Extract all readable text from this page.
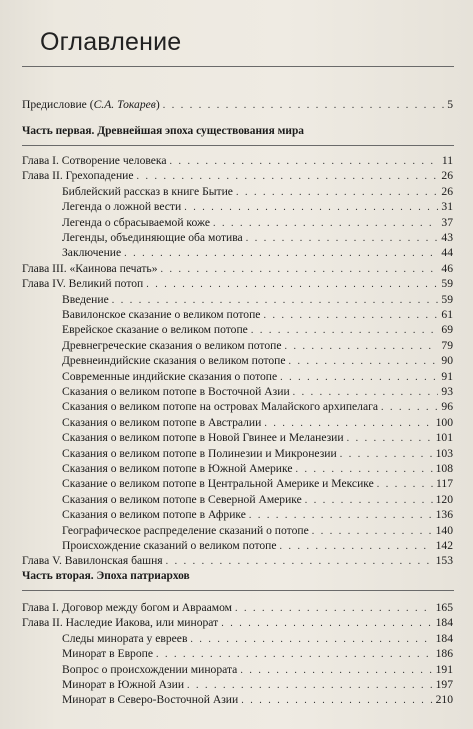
Оглавление
Предисловие (С.А. Токарев) . . .	5
Часть первая. Древнейшая эпоха существования мира
Глава I. Сотворение человека . . .	11
Глава II. Грехопадение . . .	26
Библейский рассказ в книге Бытие . . .	26
Легенда о ложной вести . . .	31
Легенда о сбрасываемой коже . . .	37
Легенды, объединяющие оба мотива . . .	43
Заключение . . .	44
Глава III. «Каинова печать» . . .	46
Глава IV. Великий потоп . . .	59
Введение . . .	59
Вавилонское сказание о великом потопе . . .	61
Еврейское сказание о великом потопе . . .	69
Древнегреческие сказания о великом потопе . . .	79
Древнеиндийские сказания о великом потопе . . .	90
Современные индийские сказания о потопе . . .	91
Сказания о великом потопе в Восточной Азии . . .	93
Сказания о великом потопе на островах Малайского архипелага . . .	96
Сказания о великом потопе в Австралии . . .	100
Сказания о великом потопе в Новой Гвинее и Меланезии . . .	101
Сказания о великом потопе в Полинезии и Микронезии . . .	103
Сказания о великом потопе в Южной Америке . . .	108
Сказание о великом потопе в Центральной Америке и Мексике . . .	117
Сказания о великом потопе в Северной Америке . . .	120
Сказания о великом потопе в Африке . . .	136
Географическое распределение сказаний о потопе . . .	140
Происхождение сказаний о великом потопе . . .	142
Глава V. Вавилонская башня . . .	153
Часть вторая. Эпоха патриархов
Глава I. Договор между богом и Авраамом . . .	165
Глава II. Наследие Иакова, или минорат . . .	184
Следы минората у евреев . . .	184
Минорат в Европе . . .	186
Вопрос о происхождении минората . . .	191
Минорат в Южной Азии . . .	197
Минорат в Северо-Восточной Азии . . .	210
